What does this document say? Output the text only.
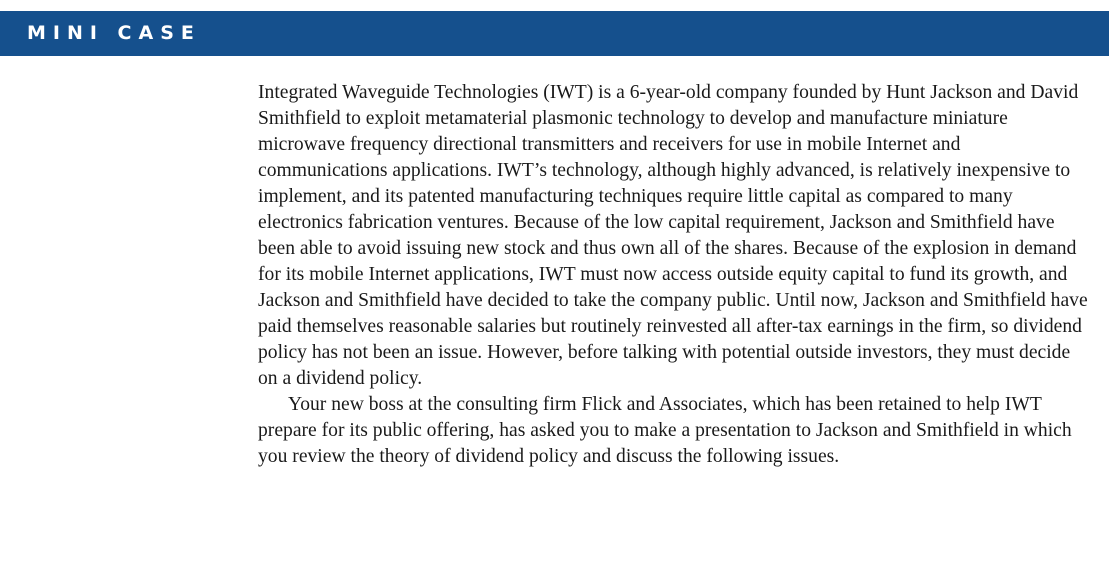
MINI CASE

Integrated Waveguide Technologies (IWT) is a 6-year-old company founded by Hunt Jackson and David Smithfield to exploit metamaterial plasmonic technology to develop and manufacture miniature microwave frequency directional transmitters and receivers for use in mobile Internet and communications applications. IWT’s technology, although highly advanced, is relatively inexpensive to implement, and its patented manufacturing techniques require little capital as compared to many electronics fabrication ventures. Because of the low capital requirement, Jackson and Smithfield have been able to avoid issuing new stock and thus own all of the shares. Because of the explosion in demand for its mobile Internet applications, IWT must now access outside equity capital to fund its growth, and Jackson and Smithfield have decided to take the company public. Until now, Jackson and Smithfield have paid themselves reasonable salaries but routinely reinvested all after-tax earnings in the firm, so dividend policy has not been an issue. However, before talking with potential outside investors, they must decide on a dividend policy.

Your new boss at the consulting firm Flick and Associates, which has been retained to help IWT prepare for its public offering, has asked you to make a presentation to Jackson and Smithfield in which you review the theory of dividend policy and discuss the following issues.
